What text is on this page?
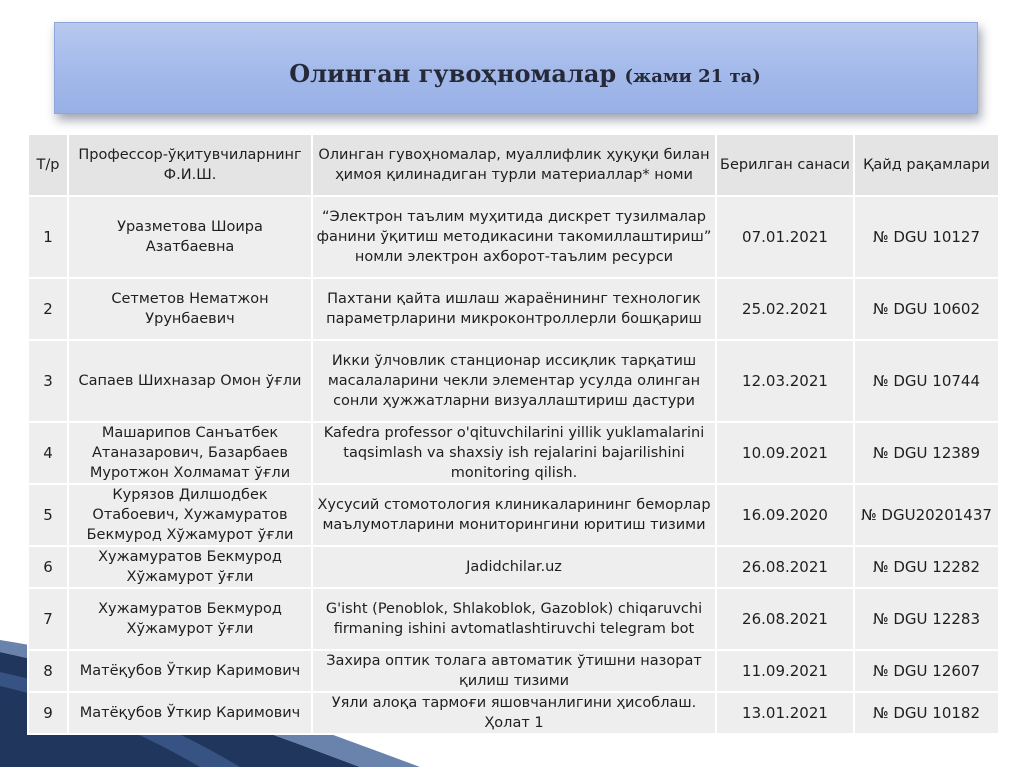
Олинган гувоҳномалар (жами 21 та)
Т/р	Профессор-ўқитувчиларнинг Ф.И.Ш.	Олинган гувоҳномалар, муаллифлик ҳуқуқи билан ҳимоя қилинадиган турли материаллар* номи	Берилган санаси	Қайд рақамлари
1	Уразметова Шоира Азатбаевна	“Электрон таълим муҳитида дискрет тузилмалар фанини ўқитиш методикасини такомиллаштириш” номли электрон ахборот-таълим ресурси	07.01.2021	№ DGU 10127
2	Сетметов Нематжон Урунбаевич	Пахтани қайта ишлаш жараёнининг технологик параметрларини микроконтроллерли бошқариш	25.02.2021	№ DGU 10602
3	Сапаев Шихназар Омон ўғли	Икки ўлчовлик станционар иссиқлик тарқатиш масалаларини чекли элементар усулда олинган сонли ҳужжатларни визуаллаштириш дастури	12.03.2021	№ DGU 10744
4	Машарипов Санъатбек Атаназарович, Базарбаев Муротжон Холмамат ўғли	Kafedra professor o'qituvchilarini yillik yuklamalarini taqsimlash va shaxsiy ish rejalarini bajarilishini monitoring qilish.	10.09.2021	№ DGU 12389
5	Курязов Дилшодбек Отабоевич, Хужамуратов Бекмурод Хўжамурот ўғли	Хусусий стомотология клиникаларининг беморлар маълумотларини мониторингини юритиш тизими	16.09.2020	№ DGU20201437
6	Хужамуратов Бекмурод Хўжамурот ўғли	Jadidchilar.uz	26.08.2021	№ DGU 12282
7	Хужамуратов Бекмурод Хўжамурот ўғли	G'isht (Penoblok, Shlakoblok, Gazoblok) chiqaruvchi firmaning ishini avtomatlashtiruvchi telegram bot	26.08.2021	№ DGU 12283
8	Матёқубов Ўткир Каримович	Захира оптик толага автоматик ўтишни назорат қилиш тизими	11.09.2021	№ DGU 12607
9	Матёқубов Ўткир Каримович	Уяли алоқа тармоғи яшовчанлигини ҳисоблаш. Ҳолат 1	13.01.2021	№ DGU 10182
